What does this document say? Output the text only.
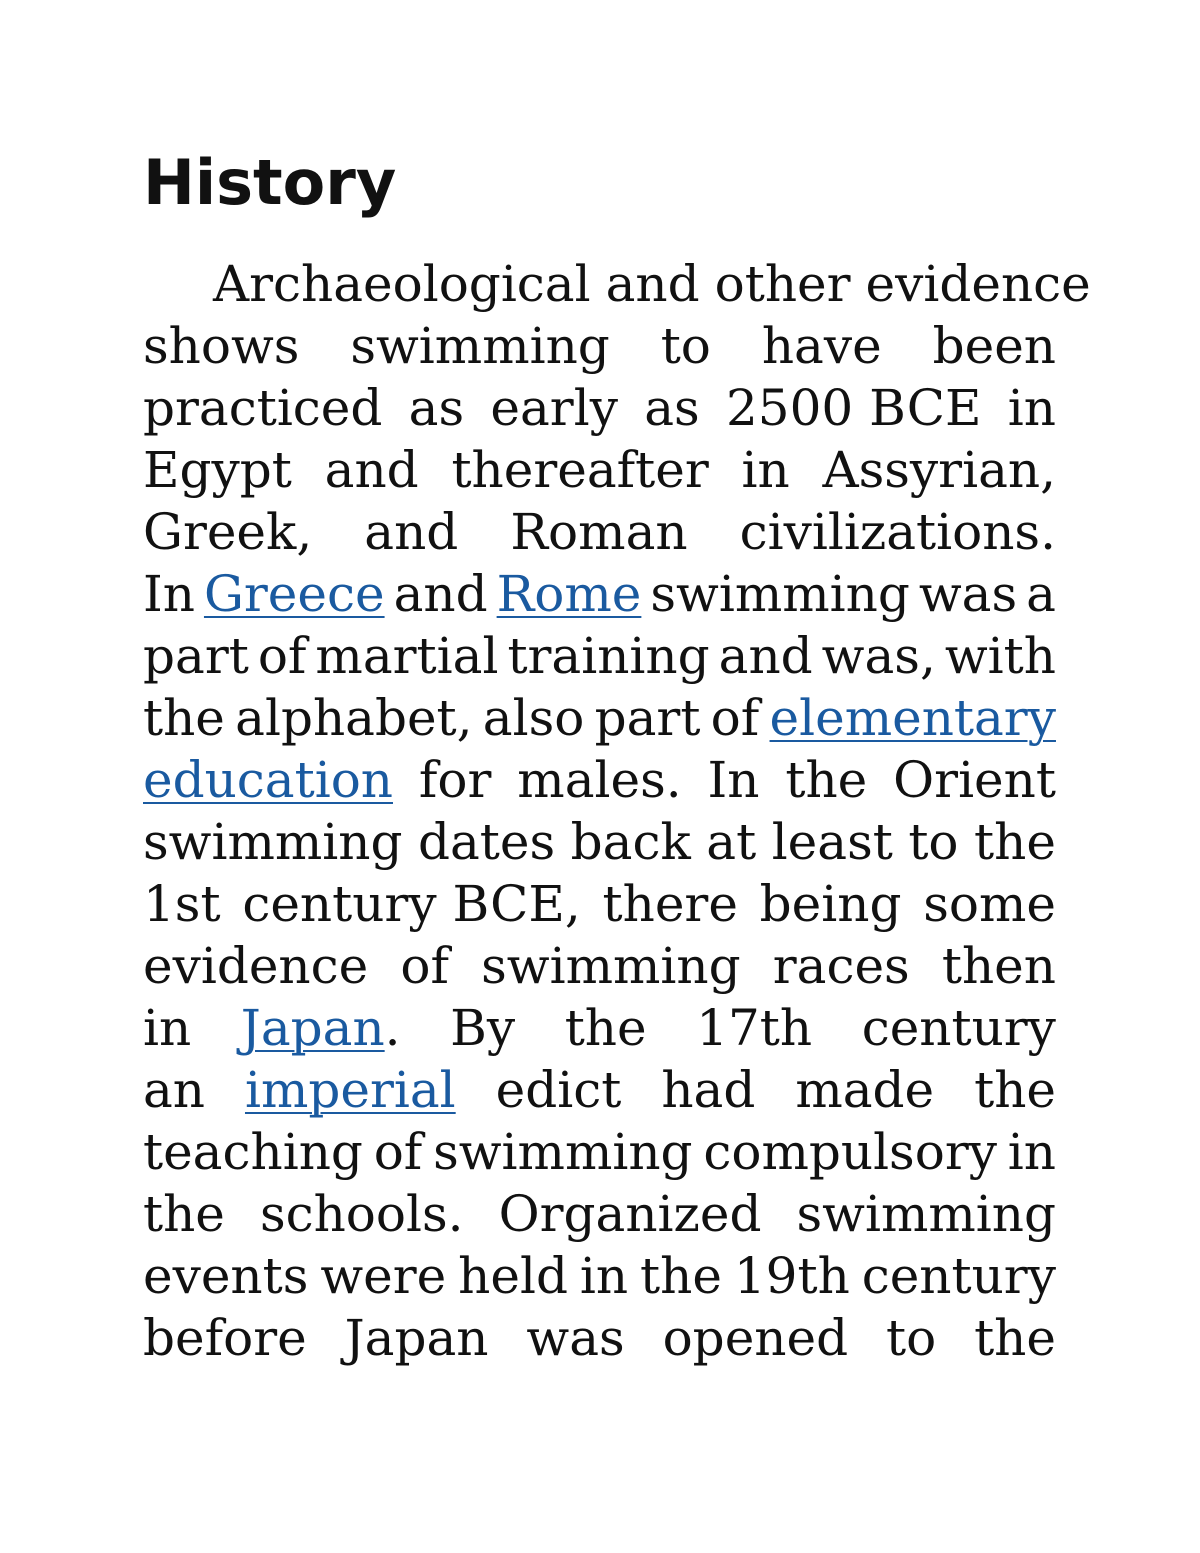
History
Archaeological and other evidence
shows swimming to have been
practiced as early as 2500 BCE in
Egypt and thereafter in Assyrian,
Greek, and Roman civilizations.
In Greece and Rome swimming was a
part of martial training and was, with
the alphabet, also part of elementary
education for males. In the Orient
swimming dates back at least to the
1st century BCE, there being some
evidence of swimming races then
in Japan. By the 17th century
an imperial edict had made the
teaching of swimming compulsory in
the schools. Organized swimming
events were held in the 19th century
before Japan was opened to the
